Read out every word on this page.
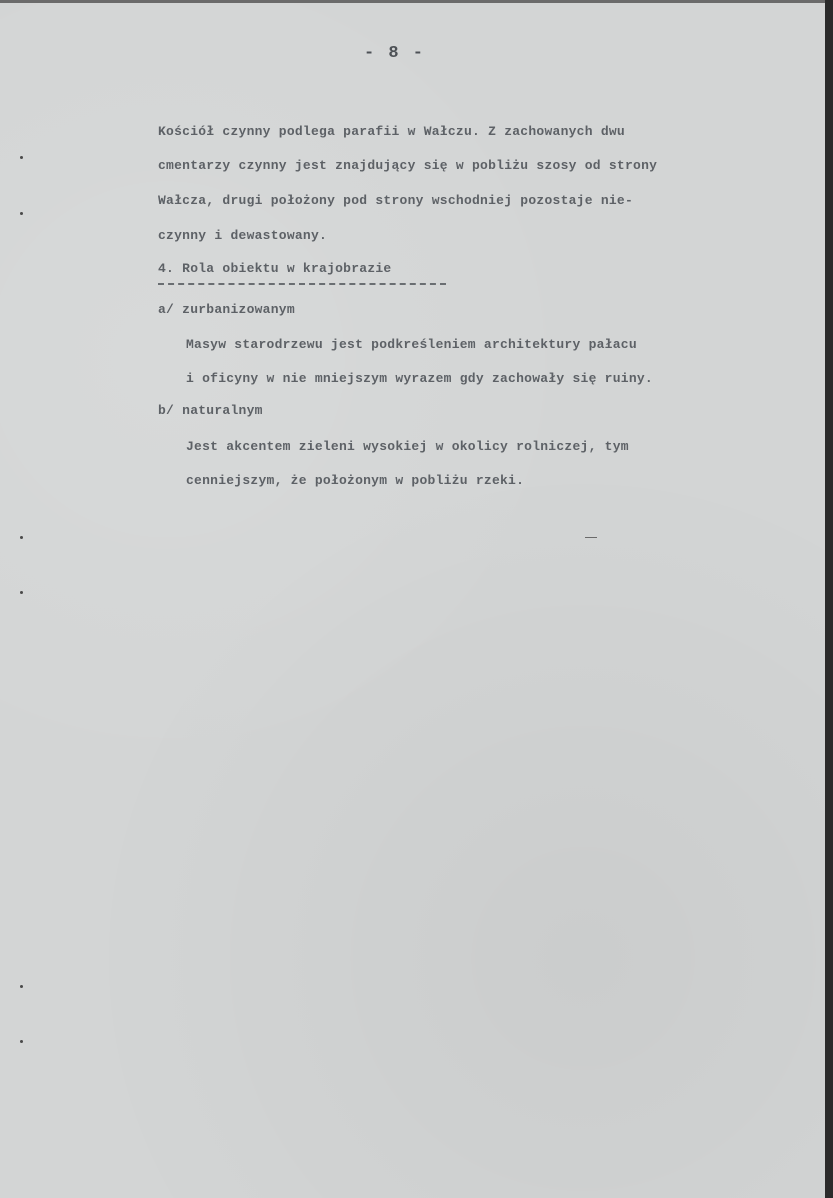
- 8 -
Kościół czynny podlega parafii w Wałczu. Z zachowanych dwu
cmentarzy czynny jest znajdujący się w pobliżu szosy od strony
Wałcza, drugi położony pod strony wschodniej pozostaje nie-
czynny i dewastowany.
4. Rola obiektu w krajobrazie
a/ zurbanizowanym
Masyw starodrzewu jest podkreśleniem architektury pałacu
i oficyny w nie mniejszym wyrazem gdy zachowały się ruiny.
b/ naturalnym
Jest akcentem zieleni wysokiej w okolicy rolniczej, tym
cenniejszym, że położonym w pobliżu rzeki.
